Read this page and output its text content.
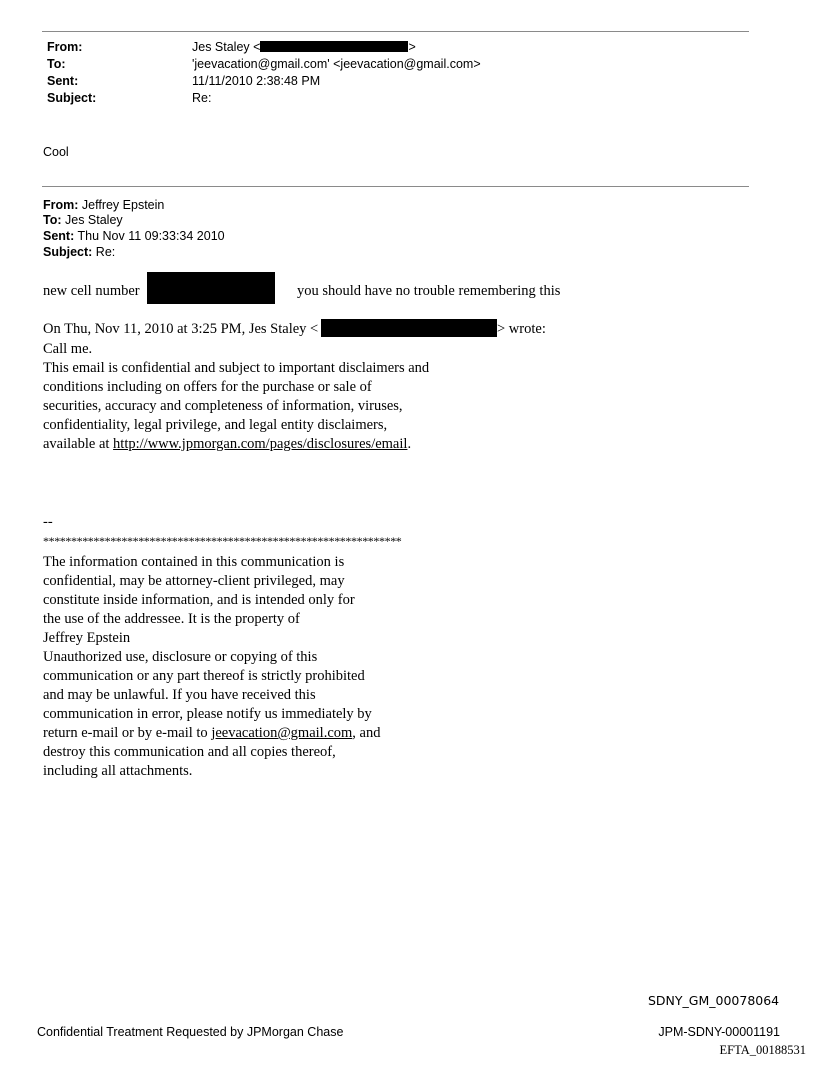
From:	Jes Staley <	>
To:	'jeevacation@gmail.com' <jeevacation@gmail.com>
Sent:	11/11/2010 2:38:48 PM
Subject:	Re:
Cool
From: Jeffrey Epstein
To: Jes Staley
Sent: Thu Nov 11 09:33:34 2010
Subject: Re:
new cell number	you should have no trouble remembering this
On Thu, Nov 11, 2010 at 3:25 PM, Jes Staley <	> wrote:
Call me.
This email is confidential and subject to important disclaimers and
conditions including on offers for the purchase or sale of
securities, accuracy and completeness of information, viruses,
confidentiality, legal privilege, and legal entity disclaimers,
available at http://www.jpmorgan.com/pages/disclosures/email.
--
****************************************************************
The information contained in this communication is
confidential, may be attorney-client privileged, may
constitute inside information, and is intended only for
the use of the addressee. It is the property of
Jeffrey Epstein
Unauthorized use, disclosure or copying of this
communication or any part thereof is strictly prohibited
and may be unlawful. If you have received this
communication in error, please notify us immediately by
return e-mail or by e-mail to jeevacation@gmail.com, and
destroy this communication and all copies thereof,
including all attachments.
SDNY_GM_00078064
Confidential Treatment Requested by JPMorgan Chase	JPM-SDNY-00001191
EFTA_00188531
